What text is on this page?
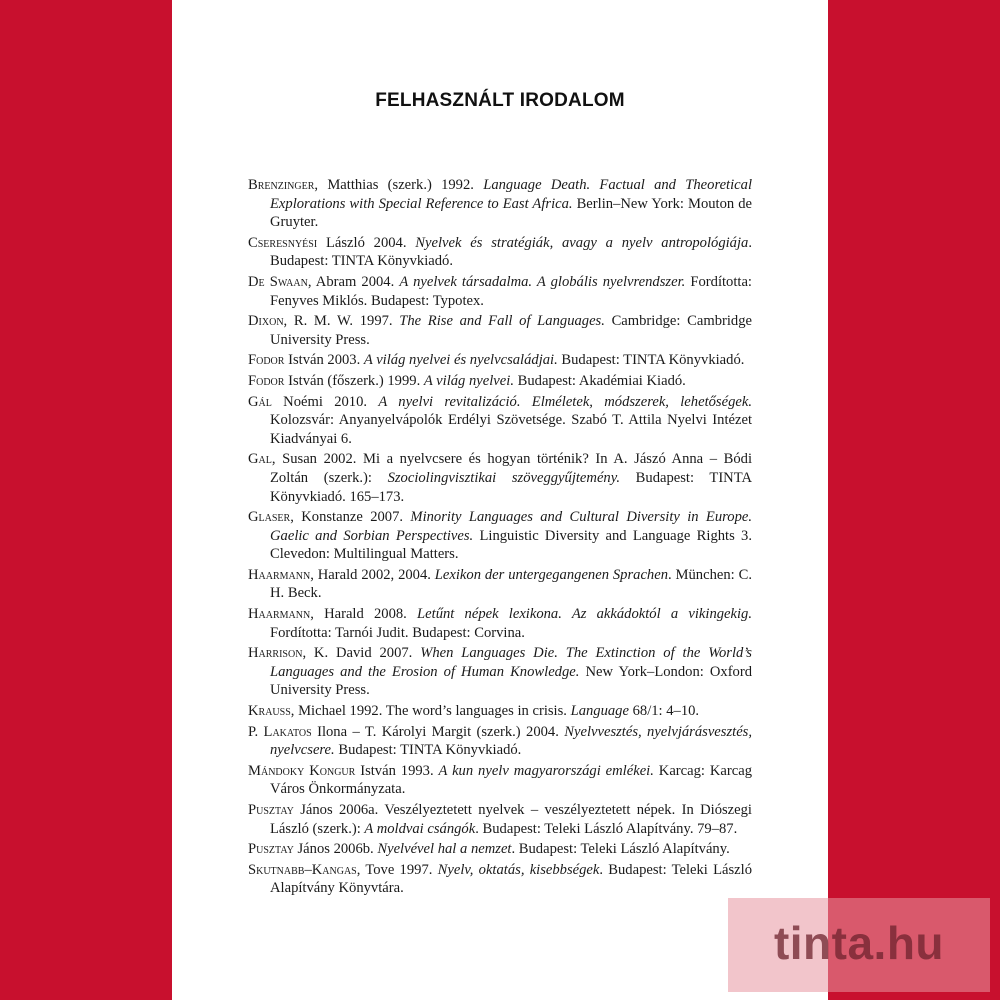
FELHASZNÁLT IRODALOM
Brenzinger, Matthias (szerk.) 1992. Language Death. Factual and Theoretical Explorations with Special Reference to East Africa. Berlin–New York: Mouton de Gruyter.
Cseresnyési László 2004. Nyelvek és stratégiák, avagy a nyelv antropológiája. Budapest: TINTA Könyvkiadó.
De Swaan, Abram 2004. A nyelvek társadalma. A globális nyelvrendszer. Fordította: Fenyves Miklós. Budapest: Typotex.
Dixon, R. M. W. 1997. The Rise and Fall of Languages. Cambridge: Cambridge University Press.
Fodor István 2003. A világ nyelvei és nyelvcsaládjai. Budapest: TINTA Könyvkiadó.
Fodor István (főszerk.) 1999. A világ nyelvei. Budapest: Akadémiai Kiadó.
Gál Noémi 2010. A nyelvi revitalizáció. Elméletek, módszerek, lehetőségek. Kolozsvár: Anyanyelvápolók Erdélyi Szövetsége. Szabó T. Attila Nyelvi Intézet Kiadványai 6.
Gal, Susan 2002. Mi a nyelvcsere és hogyan történik? In A. Jászó Anna – Bódi Zoltán (szerk.): Szociolingvisztikai szöveggyűjtemény. Budapest: TINTA Könyvkiadó. 165–173.
Glaser, Konstanze 2007. Minority Languages and Cultural Diversity in Europe. Gaelic and Sorbian Perspectives. Linguistic Diversity and Language Rights 3. Clevedon: Multilingual Matters.
Haarmann, Harald 2002, 2004. Lexikon der untergegangenen Sprachen. München: C. H. Beck.
Haarmann, Harald 2008. Letűnt népek lexikona. Az akkádoktól a vikingekig. Fordította: Tarnói Judit. Budapest: Corvina.
Harrison, K. David 2007. When Languages Die. The Extinction of the World’s Languages and the Erosion of Human Knowledge. New York–London: Oxford University Press.
Krauss, Michael 1992. The word’s languages in crisis. Language 68/1: 4–10.
P. Lakatos Ilona – T. Károlyi Margit (szerk.) 2004. Nyelvvesztés, nyelvjárásvesztés, nyelvcsere. Budapest: TINTA Könyvkiadó.
Mándoky Kongur István 1993. A kun nyelv magyarországi emlékei. Karcag: Karcag Város Önkormányzata.
Pusztay János 2006a. Veszélyeztetett nyelvek – veszélyeztetett népek. In Diószegi László (szerk.): A moldvai csángók. Budapest: Teleki László Alapítvány. 79–87.
Pusztay János 2006b. Nyelvével hal a nemzet. Budapest: Teleki László Alapítvány.
Skutnabb–Kangas, Tove 1997. Nyelv, oktatás, kisebbségek. Budapest: Teleki László Alapítvány Könyvtára.
tinta.hu
